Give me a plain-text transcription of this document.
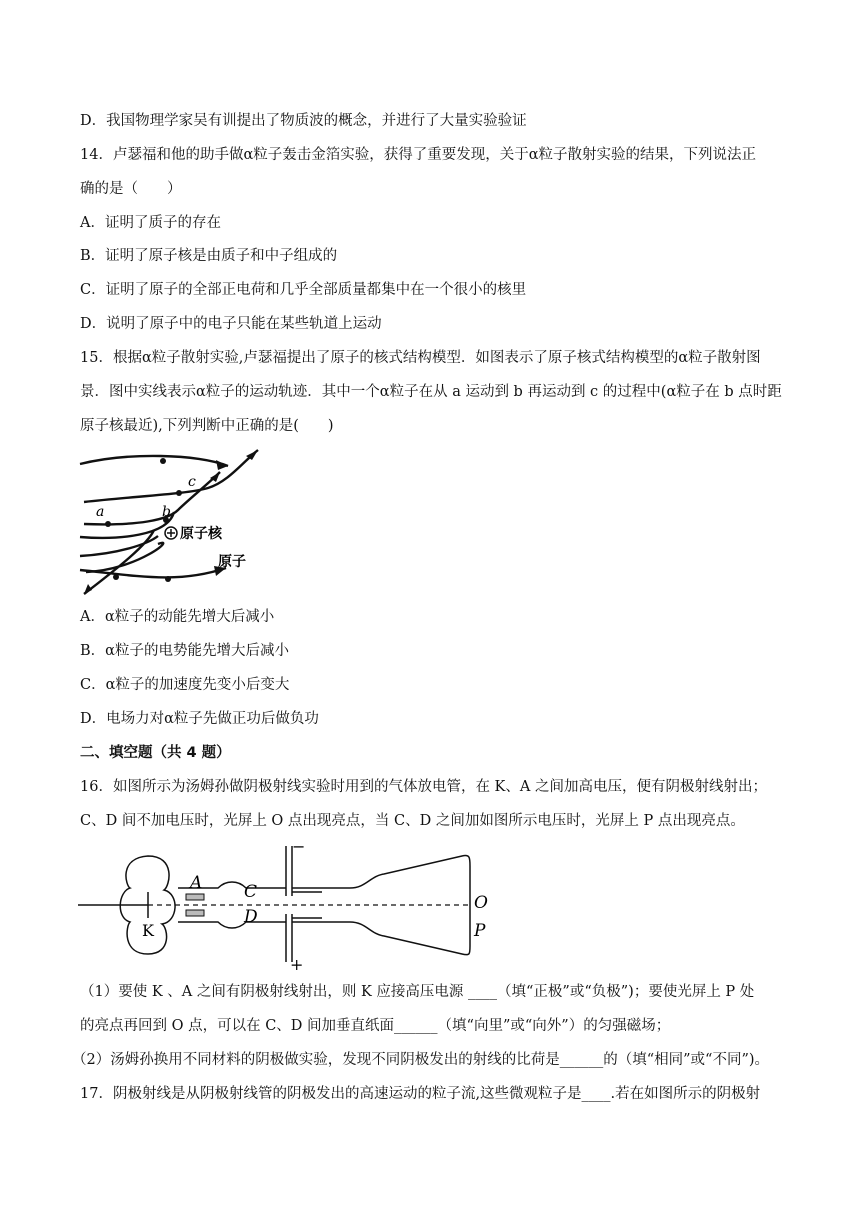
D．我国物理学家吴有训提出了物质波的概念，并进行了大量实验验证
14．卢瑟福和他的助手做α粒子轰击金箔实验，获得了重要发现，关于α粒子散射实验的结果，下列说法正
确的是（　　）
A．证明了质子的存在
B．证明了原子核是由质子和中子组成的
C．证明了原子的全部正电荷和几乎全部质量都集中在一个很小的核里
D．说明了原子中的电子只能在某些轨道上运动
15．根据α粒子散射实验,卢瑟福提出了原子的核式结构模型．如图表示了原子核式结构模型的α粒子散射图
景．图中实线表示α粒子的运动轨迹．其中一个α粒子在从 a 运动到 b 再运动到 c 的过程中(α粒子在 b 点时距
原子核最近),下列判断中正确的是(　　)
a	b
c
原子核
原子
A．α粒子的动能先增大后减小
B．α粒子的电势能先增大后减小
C．α粒子的加速度先变小后变大
D．电场力对α粒子先做正功后做负功
二、填空题（共 4 题）
16．如图所示为汤姆孙做阴极射线实验时用到的气体放电管，在 K、A 之间加高电压，便有阴极射线射出；
C、D 间不加电压时，光屏上 O 点出现亮点，当 C、D 之间加如图所示电压时，光屏上 P 点出现亮点。
A
K
C
D
O
P
−
+
（1）要使 K 、A 之间有阴极射线射出，则 K 应接高压电源 ____（填“正极”或“负极”)；要使光屏上 P 处
的亮点再回到 O 点，可以在 C、D 间加垂直纸面______（填“向里”或“向外”）的匀强磁场；
（2）汤姆孙换用不同材料的阴极做实验，发现不同阴极发出的射线的比荷是______的（填“相同”或“不同”)。
17．阴极射线是从阴极射线管的阴极发出的高速运动的粒子流,这些微观粒子是____.若在如图所示的阴极射
